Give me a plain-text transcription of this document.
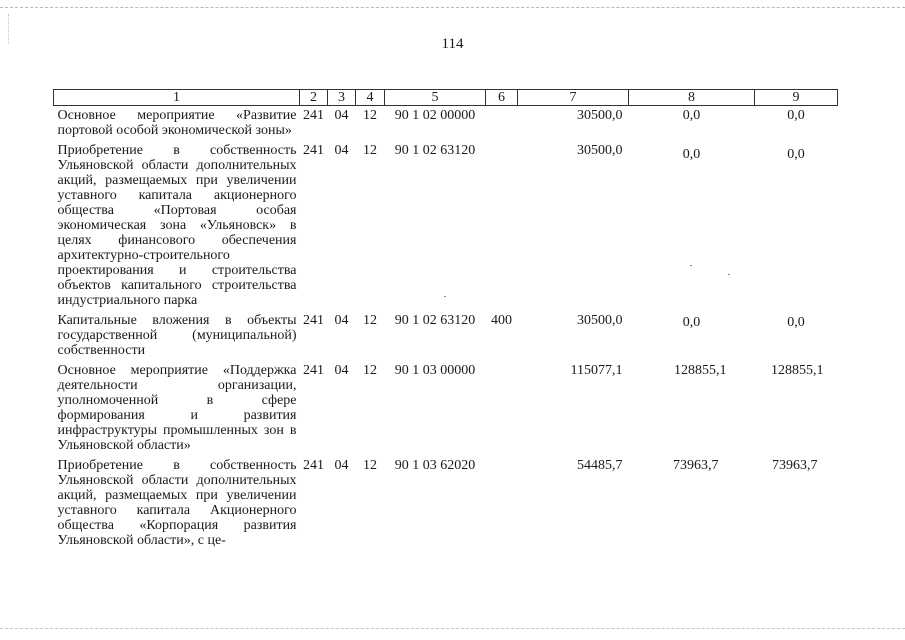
114
1	2	3	4	5	6	7	8	9
Основное мероприятие «Развитие портовой особой экономической зоны»	241	04	12	90 1 02 00000		30500,0	0,0	0,0
Приобретение в собственность Ульяновской области дополнительных акций, размещаемых при увеличении уставного капитала акционерного общества «Портовая особая экономическая зона «Ульяновск» в целях финансового обеспечения архитектурно-строительного проектирования и строительства объектов капитального строительства индустриального парка	241	04	12	90 1 02 63120		30500,0	0,0	0,0
Капитальные вложения в объекты государственной (муниципальной) собственности	241	04	12	90 1 02 63120	400	30500,0	0,0	0,0
Основное мероприятие «Поддержка деятельности организации, уполномоченной в сфере формирования и развития инфраструктуры промышленных зон в Ульяновской области»	241	04	12	90 1 03 00000		115077,1	128855,1	128855,1
Приобретение в собственность Ульяновской области дополнительных акций, размещаемых при увеличении уставного капитала Акционерного общества «Корпорация развития Ульяновской области», с це-	241	04	12	90 1 03 62020		54485,7	73963,7	73963,7
